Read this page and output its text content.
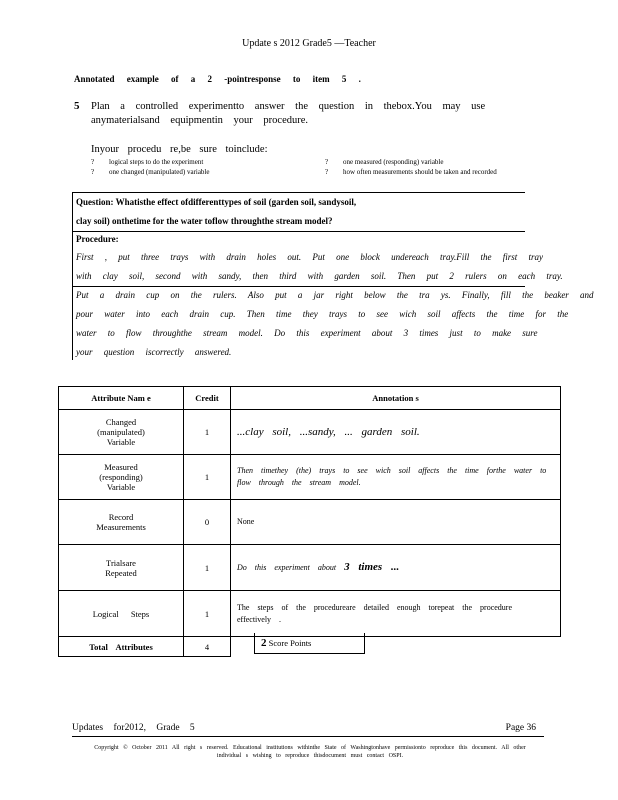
Update s 2012 Grade5 —Teacher
Annotated example of a 2 -pointresponse to item 5 .
5 Plan a controlled experimentto answer the question in thebox.You may use anymaterialsand equipmentin your procedure.
Inyour procedu re,be sure toinclude:
? logical steps to do the experiment
? one changed (manipulated) variable
? one measured (responding) variable
?	how often measurements should be taken and recorded
Question: Whatisthe effect ofdifferenttypes of soil (garden soil, sandysoil,
clay soil) onthetime for the water toflow throughthe stream model?
Procedure:
First , put three trays with drain holes out. Put one block undereach tray.Fill the first tray
with clay soil, second with sandy, then third with garden soil. Then put 2 rulers on each tray.
Put a drain cup on the rulers. Also put a jar right below the tra ys. Finally, fill the beaker and
pour water into each drain cup. Then time they trays to see wich soil affects the time for the
water to flow throughthe stream model. Do this experiment about 3 times just to make sure
your question iscorrectly answered.
Attribute Nam e	Credit	Annotation s

Changed
(manipulated)
Variable	1	...clay soil, ...sandy, ... garden soil.

Measured
(responding)
Variable	1	Then timethey (the) trays to see wich soil affects the time forthe water to flow through the stream model.

Record
Measurements	0	None

Trialsare
Repeated	1	Do this experiment about 3 times ...

Logical Steps	1	The steps of the procedureare detailed enough torepeat the procedure effectively .
Total Attributes	4		2 Score Points
Updates for2012, Grade 5	Page 36
Copyright © October 2011 All right s reserved. Educational institutions withinthe State of Washingtonhave permissionto reproduce this document. All other individual s wishing to reproduce thisdocument must contact OSPI.
